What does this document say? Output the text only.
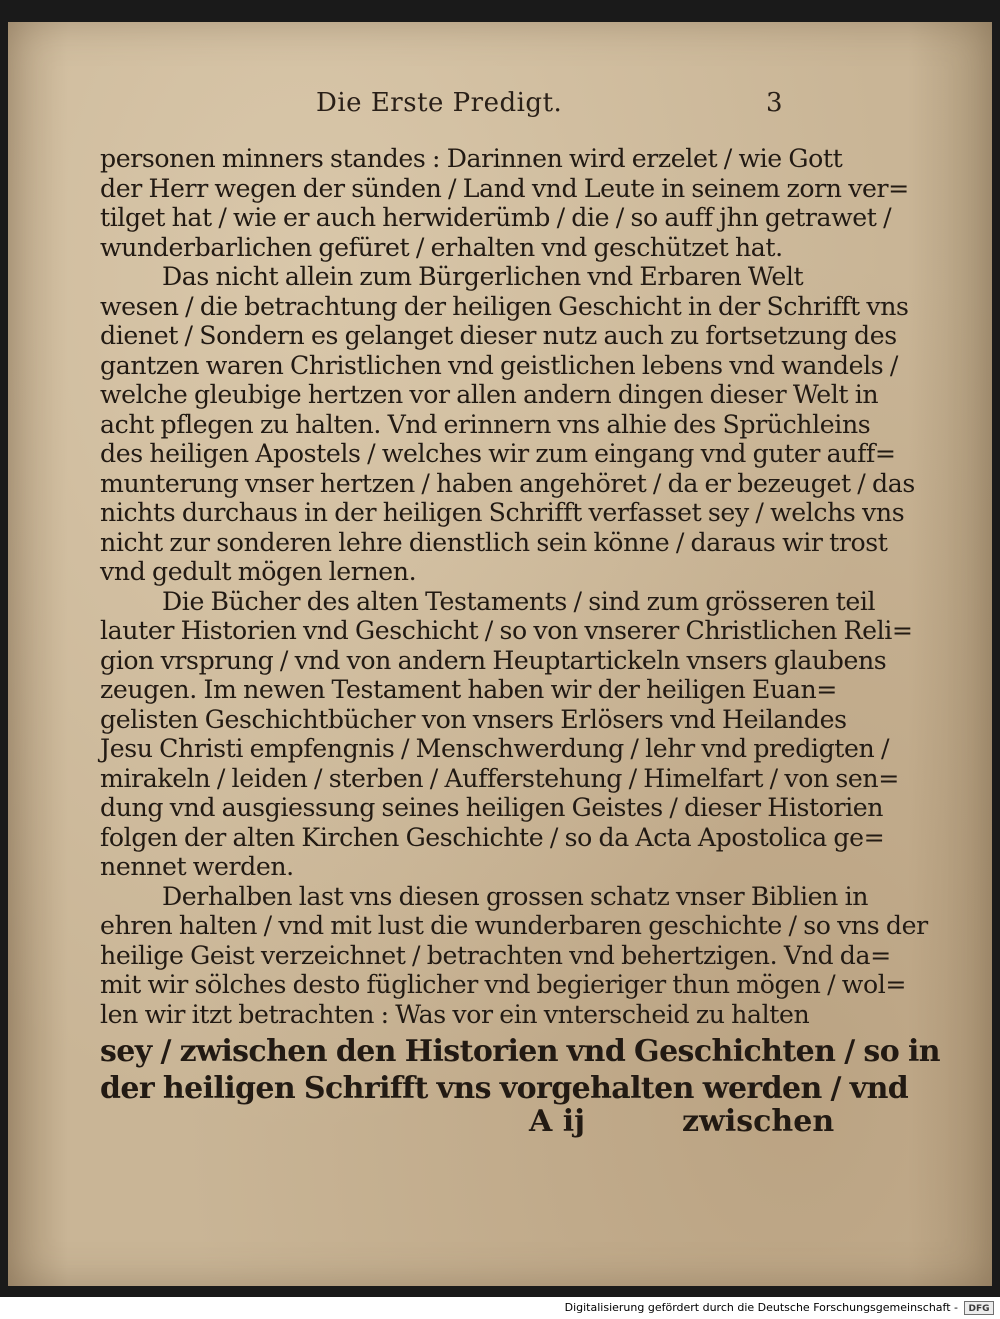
Die Erste Predigt.	3
personen minners standes : Darinnen wird erzelet / wie Gott
der Herr wegen der sünden / Land vnd Leute in seinem zorn ver=
tilget hat / wie er auch herwiderümb / die / so auff jhn getrawet /
wunderbarlichen gefüret / erhalten vnd geschützet hat.
Das nicht allein zum Bürgerlichen vnd Erbaren Welt
wesen / die betrachtung der heiligen Geschicht in der Schrifft vns
dienet / Sondern es gelanget dieser nutz auch zu fortsetzung des
gantzen waren Christlichen vnd geistlichen lebens vnd wandels /
welche gleubige hertzen vor allen andern dingen dieser Welt in
acht pflegen zu halten. Vnd erinnern vns alhie des Sprüchleins
des heiligen Apostels / welches wir zum eingang vnd guter auff=
munterung vnser hertzen / haben angehöret / da er bezeuget / das
nichts durchaus in der heiligen Schrifft verfasset sey / welchs vns
nicht zur sonderen lehre dienstlich sein könne / daraus wir trost
vnd gedult mögen lernen.
Die Bücher des alten Testaments / sind zum grösseren teil
lauter Historien vnd Geschicht / so von vnserer Christlichen Reli=
gion vrsprung / vnd von andern Heuptartickeln vnsers glaubens
zeugen. Im newen Testament haben wir der heiligen Euan=
gelisten Geschichtbücher von vnsers Erlösers vnd Heilandes
Jesu Christi empfengnis / Menschwerdung / lehr vnd predigten /
mirakeln / leiden / sterben / Aufferstehung / Himelfart / von sen=
dung vnd ausgiessung seines heiligen Geistes / dieser Historien
folgen der alten Kirchen Geschichte / so da Acta Apostolica ge=
nennet werden.
Derhalben last vns diesen grossen schatz vnser Biblien in
ehren halten / vnd mit lust die wunderbaren geschichte / so vns der
heilige Geist verzeichnet / betrachten vnd behertzigen. Vnd da=
mit wir sölches desto füglicher vnd begieriger thun mögen / wol=
len wir itzt betrachten : Was vor ein vnterscheid zu halten
sey / zwischen den Historien vnd Geschichten / so in
der heiligen Schrifft vns vorgehalten werden / vnd
A ij	zwischen
Digitalisierung gefördert durch die Deutsche Forschungsgemeinschaft -	DFG
